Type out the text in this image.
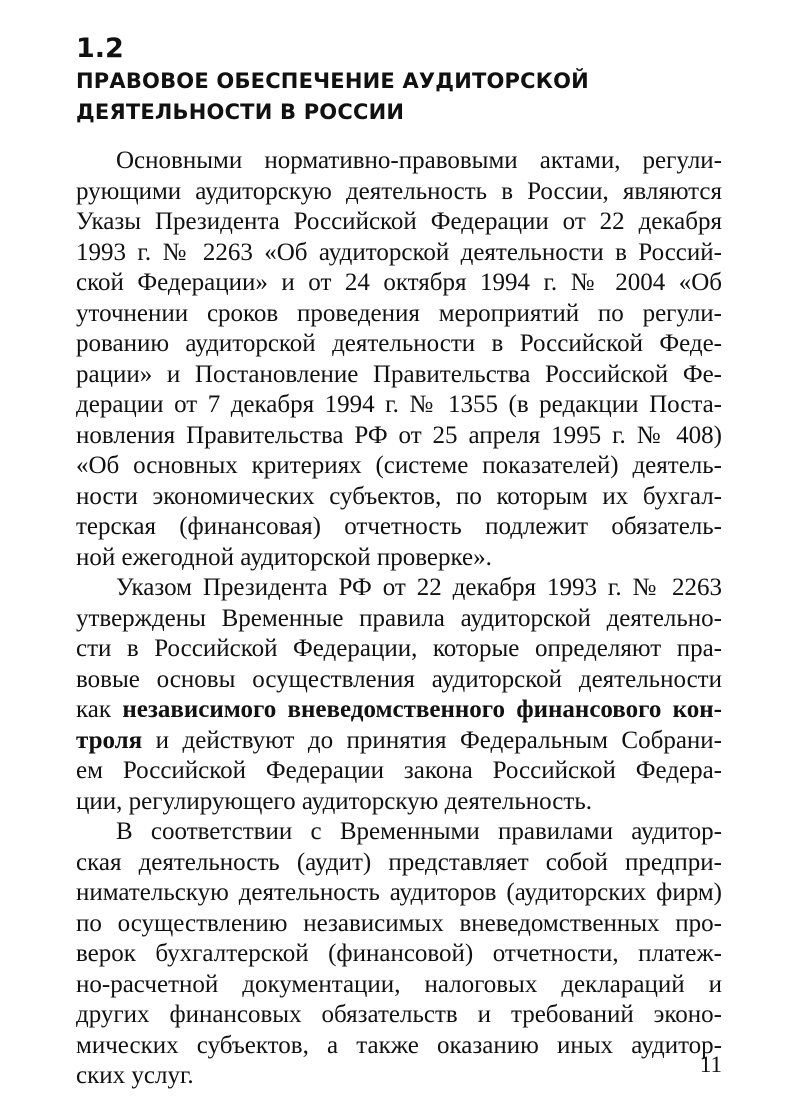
1.2
ПРАВОВОЕ ОБЕСПЕЧЕНИЕ АУДИТОРСКОЙ
ДЕЯТЕЛЬНОСТИ В РОССИИ
Основными нормативно-правовыми актами, регули-
рующими аудиторскую деятельность в России, являются
Указы Президента Российской Федерации от 22 декабря
1993 г. № 2263 «Об аудиторской деятельности в Россий-
ской Федерации» и от 24 октября 1994 г. № 2004 «Об
уточнении сроков проведения мероприятий по регули-
рованию аудиторской деятельности в Российской Феде-
рации» и Постановление Правительства Российской Фе-
дерации от 7 декабря 1994 г. № 1355 (в редакции Поста-
новления Правительства РФ от 25 апреля 1995 г. № 408)
«Об основных критериях (системе показателей) деятель-
ности экономических субъектов, по которым их бухгал-
терская (финансовая) отчетность подлежит обязатель-
ной ежегодной аудиторской проверке».
Указом Президента РФ от 22 декабря 1993 г. № 2263
утверждены Временные правила аудиторской деятельно-
сти в Российской Федерации, которые определяют пра-
вовые основы осуществления аудиторской деятельности
как независимого вневедомственного финансового кон-
троля и действуют до принятия Федеральным Собрани-
ем Российской Федерации закона Российской Федера-
ции, регулирующего аудиторскую деятельность.
В соответствии с Временными правилами аудитор-
ская деятельность (аудит) представляет собой предпри-
нимательскую деятельность аудиторов (аудиторских фирм)
по осуществлению независимых вневедомственных про-
верок бухгалтерской (финансовой) отчетности, платеж-
но-расчетной документации, налоговых деклараций и
других финансовых обязательств и требований эконо-
мических субъектов, а также оказанию иных аудитор-
ских услуг.	11
